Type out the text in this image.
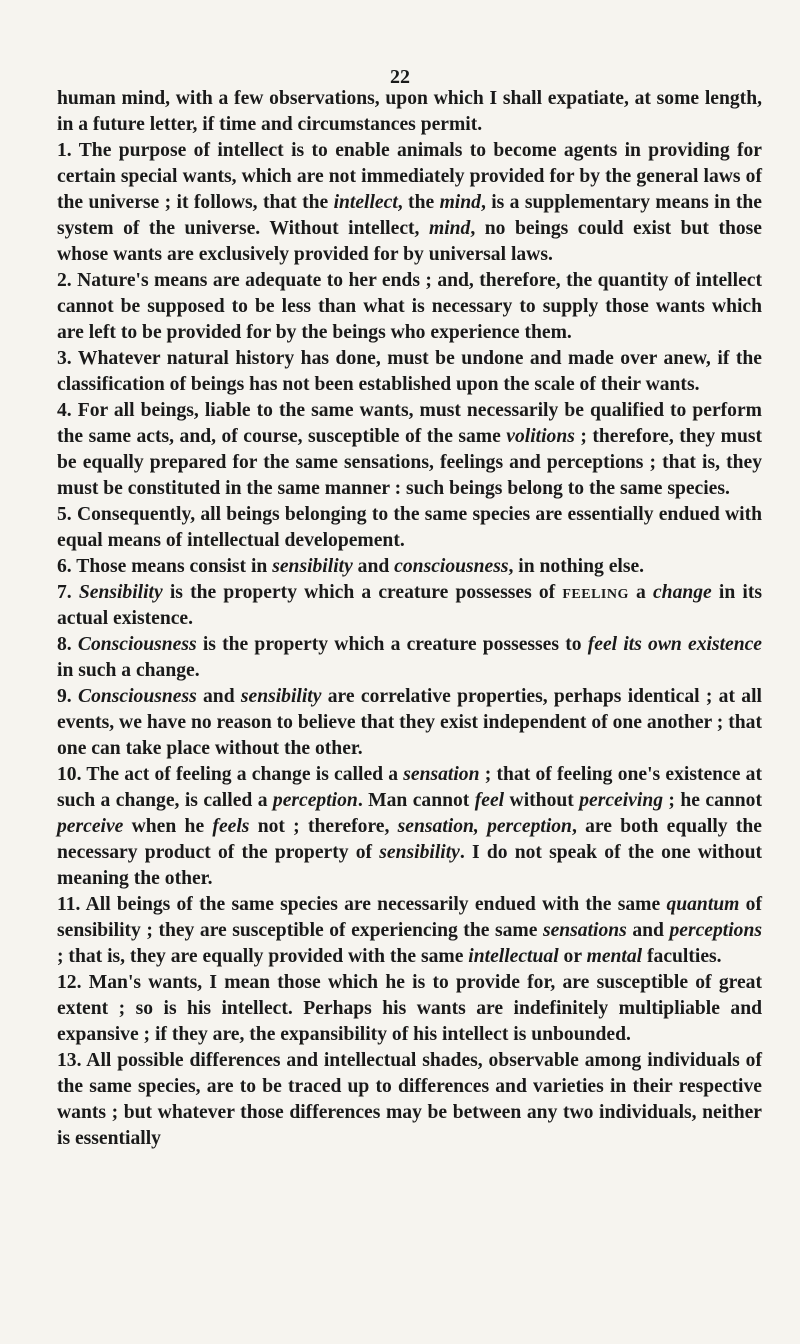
22

human mind, with a few observations, upon which I shall expatiate, at some length, in a future letter, if time and circumstances permit.

1. The purpose of intellect is to enable animals to become agents in providing for certain special wants, which are not immediately provided for by the general laws of the universe ; it follows, that the intellect, the mind, is a supplementary means in the system of the universe. Without intellect, mind, no beings could exist but those whose wants are exclusively provided for by universal laws.

2. Nature's means are adequate to her ends ; and, therefore, the quantity of intellect cannot be supposed to be less than what is necessary to supply those wants which are left to be provided for by the beings who experience them.

3. Whatever natural history has done, must be undone and made over anew, if the classification of beings has not been established upon the scale of their wants.

4. For all beings, liable to the same wants, must necessarily be qualified to perform the same acts, and, of course, susceptible of the same volitions ; therefore, they must be equally prepared for the same sensations, feelings and perceptions ; that is, they must be constituted in the same manner : such beings belong to the same species.

5. Consequently, all beings belonging to the same species are essentially endued with equal means of intellectual developement.

6. Those means consist in sensibility and consciousness, in nothing else.

7. Sensibility is the property which a creature possesses of feeling a change in its actual existence.

8. Consciousness is the property which a creature possesses to feel its own existence in such a change.

9. Consciousness and sensibility are correlative properties, perhaps identical ; at all events, we have no reason to believe that they exist independent of one another ; that one can take place without the other.

10. The act of feeling a change is called a sensation ; that of feeling one's existence at such a change, is called a perception. Man cannot feel without perceiving ; he cannot perceive when he feels not ; therefore, sensation, perception, are both equally the necessary product of the property of sensibility. I do not speak of the one without meaning the other.

11. All beings of the same species are necessarily endued with the same quantum of sensibility ; they are susceptible of experiencing the same sensations and perceptions ; that is, they are equally provided with the same intellectual or mental faculties.

12. Man's wants, I mean those which he is to provide for, are susceptible of great extent ; so is his intellect. Perhaps his wants are indefinitely multipliable and expansive ; if they are, the expansibility of his intellect is unbounded.

13. All possible differences and intellectual shades, observable among individuals of the same species, are to be traced up to differences and varieties in their respective wants ; but whatever those differences may be between any two individuals, neither is essentially
